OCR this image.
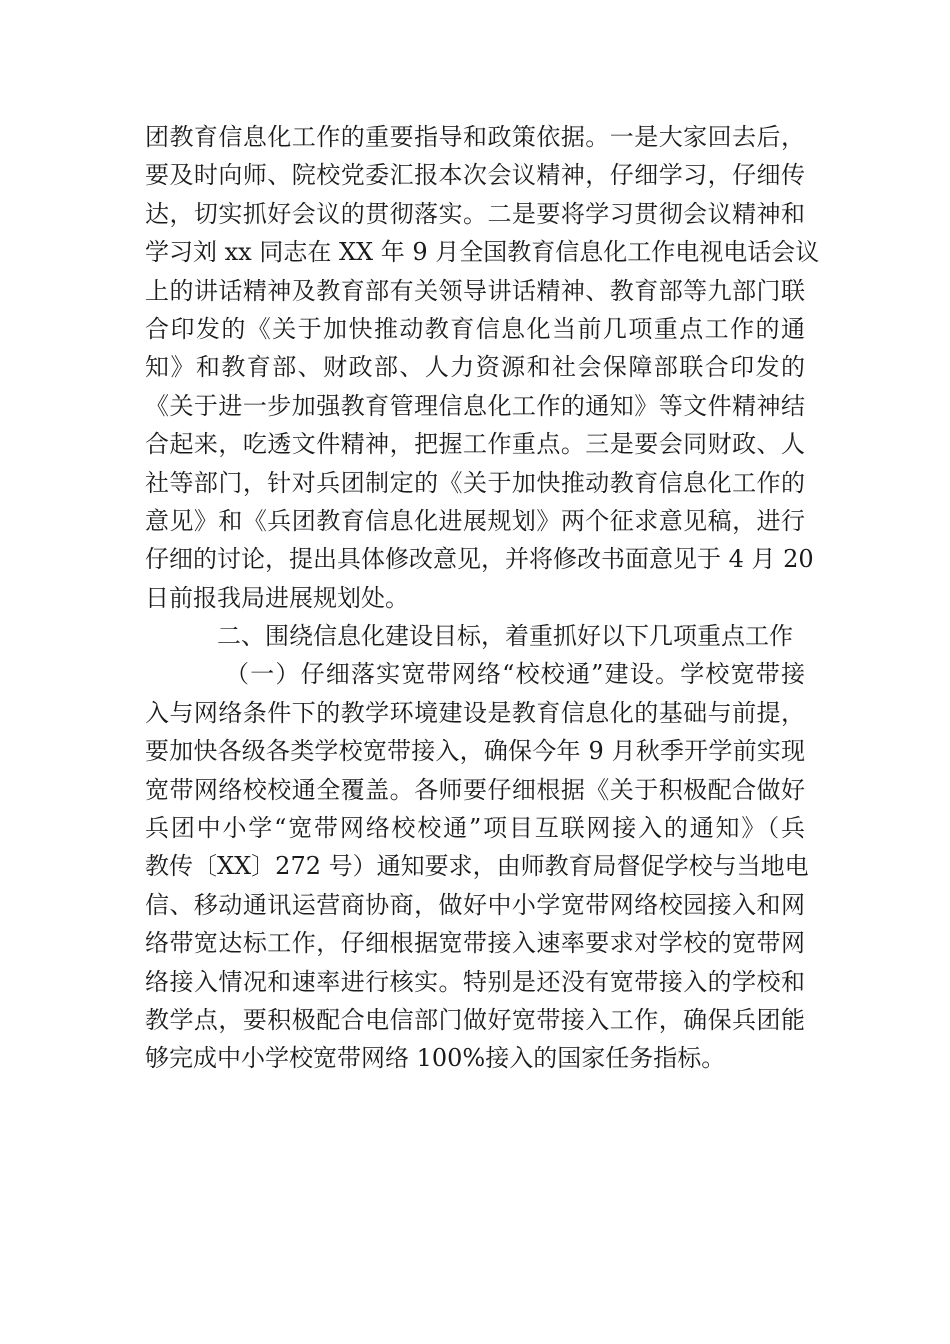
团教育信息化工作的重要指导和政策依据。一是大家回去后，
要及时向师、院校党委汇报本次会议精神，仔细学习，仔细传
达，切实抓好会议的贯彻落实。二是要将学习贯彻会议精神和
学习刘 xx 同志在 XX 年 9 月全国教育信息化工作电视电话会议
上的讲话精神及教育部有关领导讲话精神、教育部等九部门联
合印发的《关于加快推动教育信息化当前几项重点工作的通
知》和教育部、财政部、人力资源和社会保障部联合印发的
《关于进一步加强教育管理信息化工作的通知》等文件精神结
合起来，吃透文件精神，把握工作重点。三是要会同财政、人
社等部门，针对兵团制定的《关于加快推动教育信息化工作的
意见》和《兵团教育信息化进展规划》两个征求意见稿，进行
仔细的讨论，提出具体修改意见，并将修改书面意见于 4 月 20
日前报我局进展规划处。
二、围绕信息化建设目标，着重抓好以下几项重点工作
（一）仔细落实宽带网络“校校通”建设。学校宽带接
入与网络条件下的教学环境建设是教育信息化的基础与前提，
要加快各级各类学校宽带接入，确保今年 9 月秋季开学前实现
宽带网络校校通全覆盖。各师要仔细根据《关于积极配合做好
兵团中小学“宽带网络校校通”项目互联网接入的通知》（兵
教传〔XX〕272 号）通知要求，由师教育局督促学校与当地电
信、移动通讯运营商协商，做好中小学宽带网络校园接入和网
络带宽达标工作，仔细根据宽带接入速率要求对学校的宽带网
络接入情况和速率进行核实。特别是还没有宽带接入的学校和
教学点，要积极配合电信部门做好宽带接入工作，确保兵团能
够完成中小学校宽带网络 100%接入的国家任务指标。
